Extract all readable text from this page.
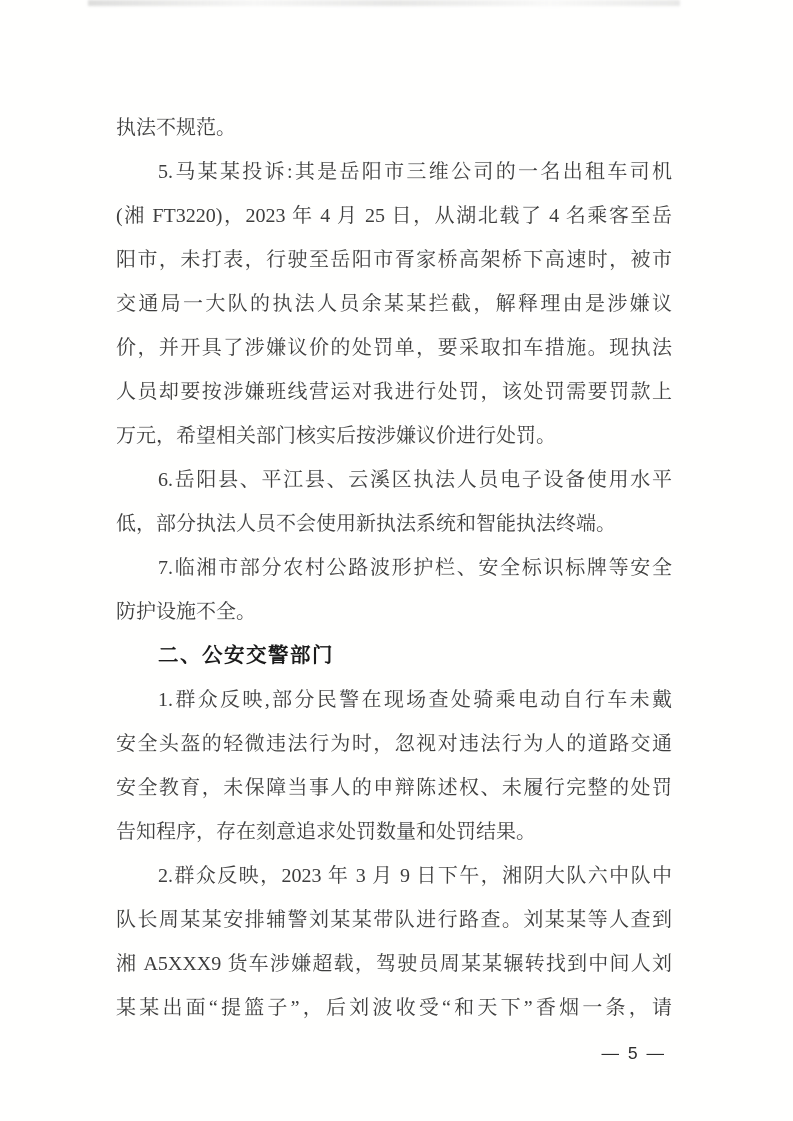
执法不规范。
5.马某某投诉:其是岳阳市三维公司的一名出租车司机
(湘 FT3220)，2023 年 4 月 25 日，从湖北载了 4 名乘客至岳
阳市，未打表，行驶至岳阳市胥家桥高架桥下高速时，被市
交通局一大队的执法人员余某某拦截，解释理由是涉嫌议
价，并开具了涉嫌议价的处罚单，要采取扣车措施。现执法
人员却要按涉嫌班线营运对我进行处罚，该处罚需要罚款上
万元，希望相关部门核实后按涉嫌议价进行处罚。
6.岳阳县、平江县、云溪区执法人员电子设备使用水平
低，部分执法人员不会使用新执法系统和智能执法终端。
7.临湘市部分农村公路波形护栏、安全标识标牌等安全
防护设施不全。
二、公安交警部门
1.群众反映,部分民警在现场查处骑乘电动自行车未戴
安全头盔的轻微违法行为时，忽视对违法行为人的道路交通
安全教育，未保障当事人的申辩陈述权、未履行完整的处罚
告知程序，存在刻意追求处罚数量和处罚结果。
2.群众反映，2023 年 3 月 9 日下午，湘阴大队六中队中
队长周某某安排辅警刘某某带队进行路查。刘某某等人查到
湘 A5XXX9 货车涉嫌超载，驾驶员周某某辗转找到中间人刘
某某出面“提篮子”，后刘波收受“和天下”香烟一条，请
— 5 —
